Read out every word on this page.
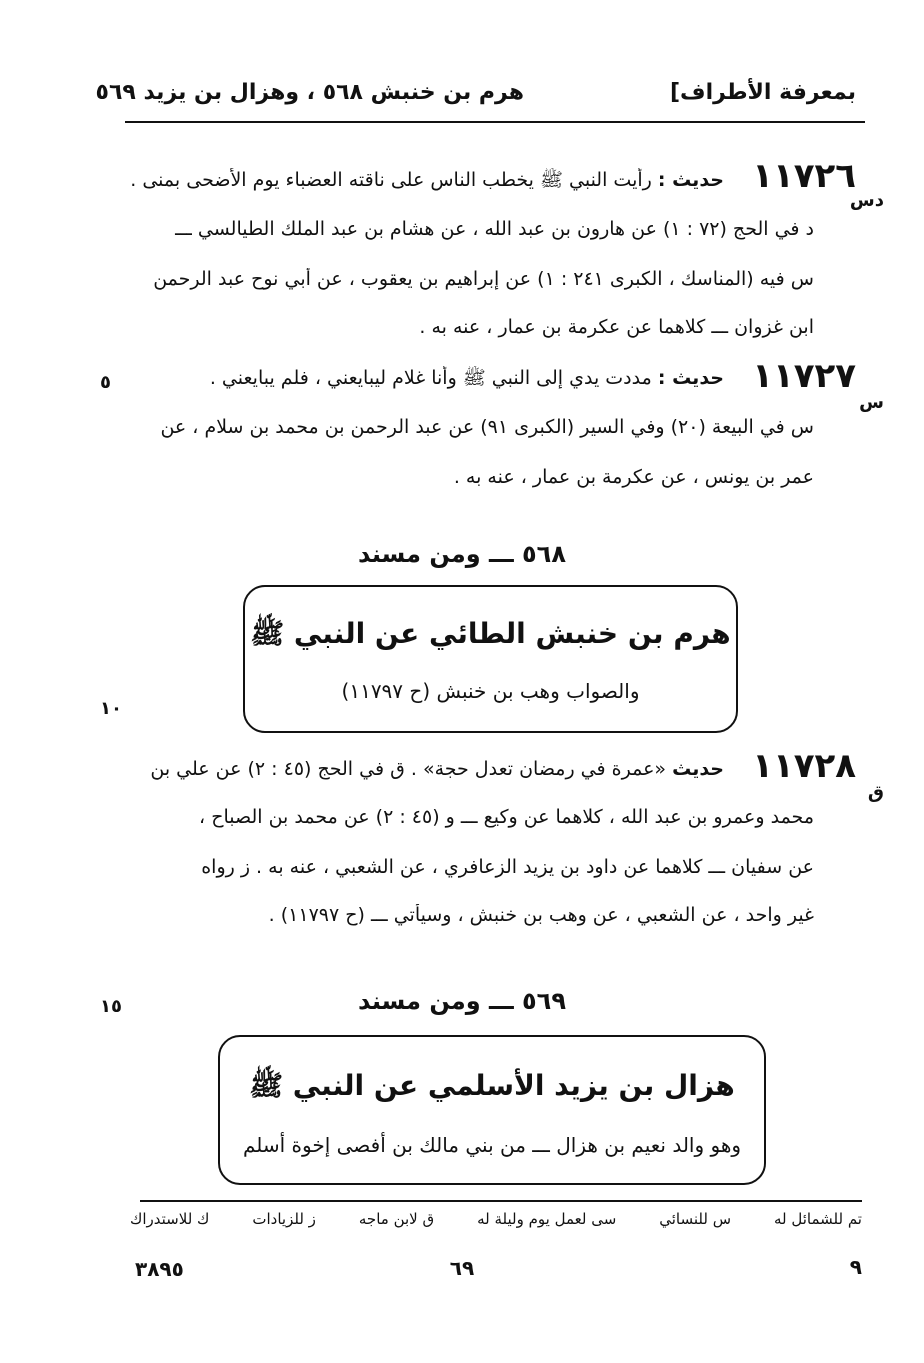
بمعرفة الأطراف]
هرم بن خنبش ٥٦٨ ، وهزال بن يزيد ٥٦٩
١١٧٢٦
دس
حديث : رأيت النبي ﷺ يخطب الناس على ناقته العضباء يوم الأضحى بمنى .
د في الحج (٧٢ : ١) عن هارون بن عبد الله ، عن هشام بن عبد الملك الطيالسي ـــ
س فيه (المناسك ، الكبرى ٢٤١ : ١) عن إبراهيم بن يعقوب ، عن أبي نوح عبد الرحمن
ابن غزوان ـــ كلاهما عن عكرمة بن عمار ، عنه به .
١١٧٢٧
س
٥	حديث : مددت يدي إلى النبي ﷺ وأنا غلام ليبايعني ، فلم يبايعني .
س في البيعة (٢٠) وفي السير (الكبرى ٩١) عن عبد الرحمن بن محمد بن سلام ، عن
عمر بن يونس ، عن عكرمة بن عمار ، عنه به .
٥٦٨ ـــ ومن مسند
هرم بن خنبش الطائي عن النبي ﷺ
والصواب وهب بن خنبش (ح ١١٧٩٧)
١٠
١١٧٢٨
ق
حديث «عمرة في رمضان تعدل حجة» . ق في الحج (٤٥ : ٢) عن علي بن
محمد وعمرو بن عبد الله ، كلاهما عن وكيع ـــ و (٤٥ : ٢) عن محمد بن الصباح ،
عن سفيان ـــ كلاهما عن داود بن يزيد الزعافري ، عن الشعبي ، عنه به . ز رواه
غير واحد ، عن الشعبي ، عن وهب بن خنبش ، وسيأتي ـــ (ح ١١٧٩٧) .
٥٦٩ ـــ ومن مسند
١٥
هزال بن يزيد الأسلمي عن النبي ﷺ
وهو والد نعيم بن هزال ـــ من بني مالك بن أفصى إخوة أسلم
تم للشمائل له
س للنسائي
سى لعمل يوم وليلة له
ق لابن ماجه
ز للزيادات
ك للاستدراك
٩
٦٩
٣٨٩٥
